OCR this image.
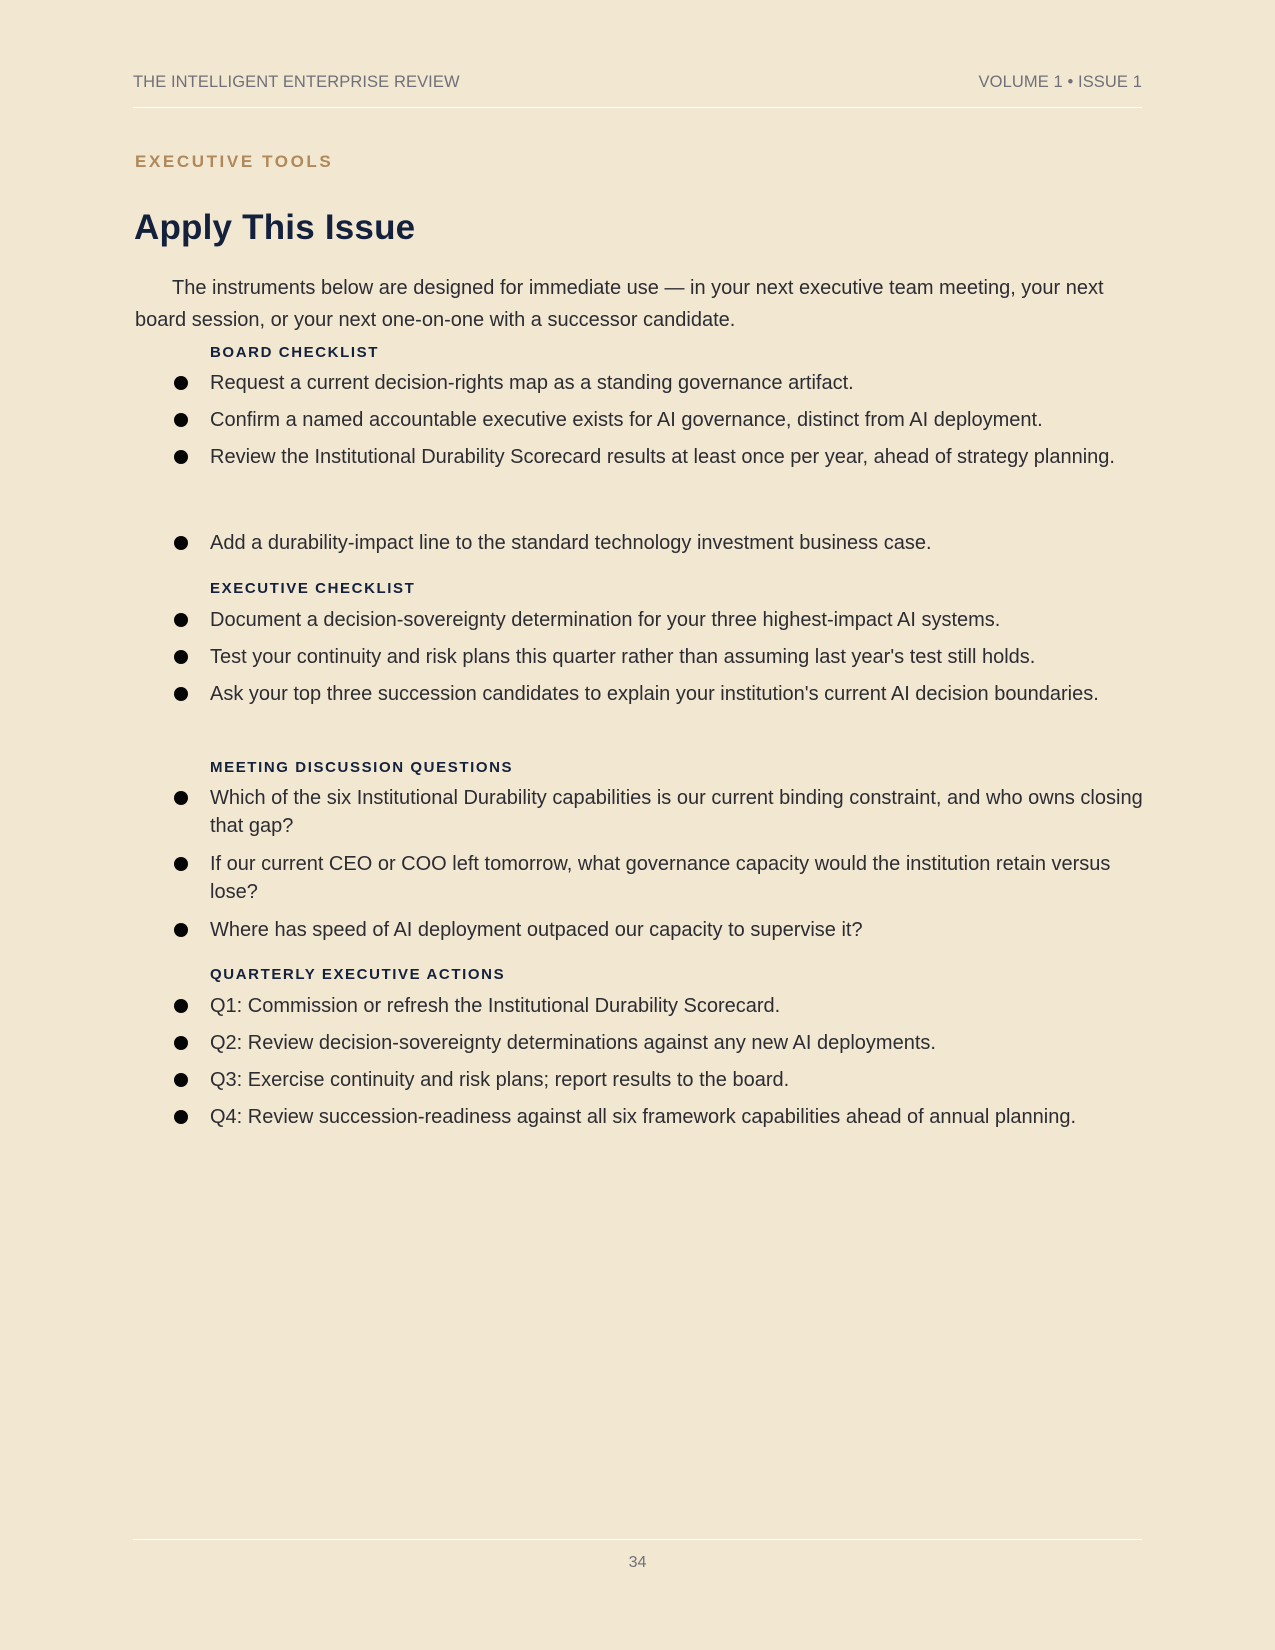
THE INTELLIGENT ENTERPRISE REVIEW	VOLUME 1 • ISSUE 1
EXECUTIVE TOOLS
Apply This Issue

The instruments below are designed for immediate use — in your next executive team meeting, your next board session, or your next one-on-one with a successor candidate.

BOARD CHECKLIST
Request a current decision-rights map as a standing governance artifact.
Confirm a named accountable executive exists for AI governance, distinct from AI deployment.
Review the Institutional Durability Scorecard results at least once per year, ahead of strategy planning.
Add a durability-impact line to the standard technology investment business case.
EXECUTIVE CHECKLIST
Document a decision-sovereignty determination for your three highest-impact AI systems.
Test your continuity and risk plans this quarter rather than assuming last year's test still holds.
Ask your top three succession candidates to explain your institution's current AI decision boundaries.
MEETING DISCUSSION QUESTIONS
Which of the six Institutional Durability capabilities is our current binding constraint, and who owns closing that gap?
If our current CEO or COO left tomorrow, what governance capacity would the institution retain versus lose?
Where has speed of AI deployment outpaced our capacity to supervise it?
QUARTERLY EXECUTIVE ACTIONS
Q1: Commission or refresh the Institutional Durability Scorecard.
Q2: Review decision-sovereignty determinations against any new AI deployments.
Q3: Exercise continuity and risk plans; report results to the board.
Q4: Review succession-readiness against all six framework capabilities ahead of annual planning.
34
